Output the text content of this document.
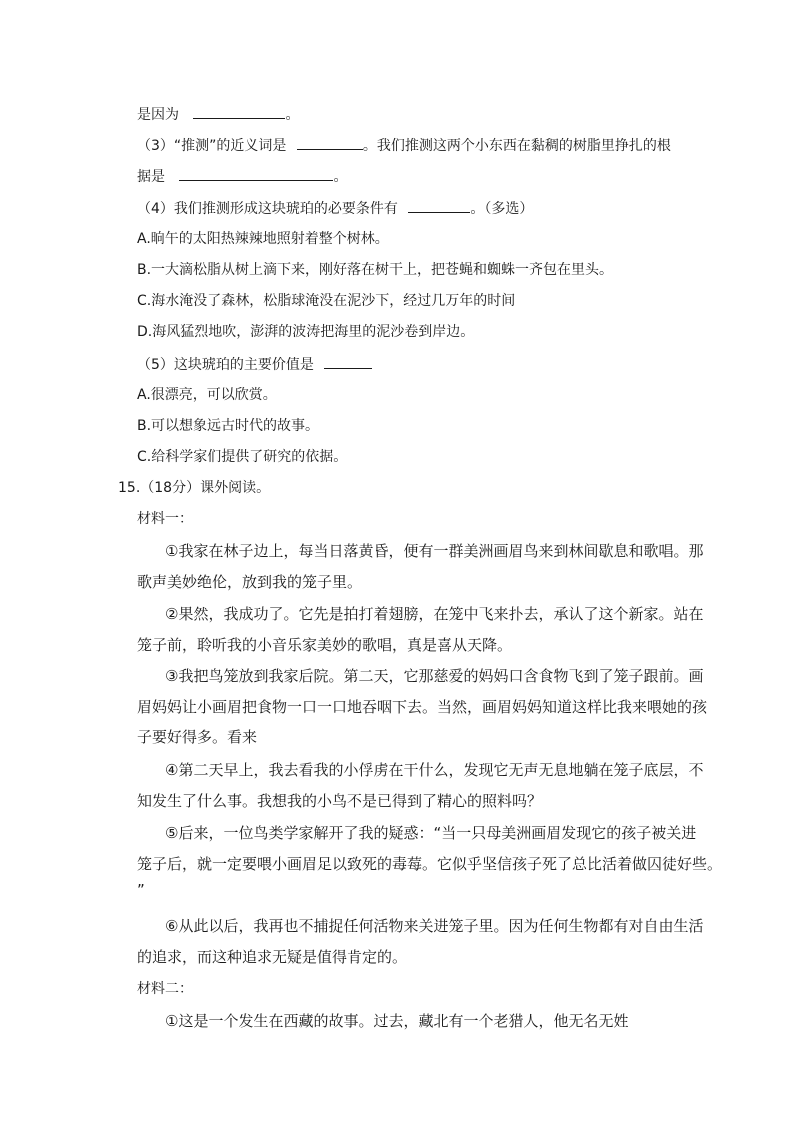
是因为	。
（3）“推测”的近义词是	。我们推测这两个小东西在黏稠的树脂里挣扎的根
据是	。
（4）我们推测形成这块琥珀的必要条件有	。（多选）
A.晌午的太阳热辣辣地照射着整个树林。
B.一大滴松脂从树上滴下来，刚好落在树干上，把苍蝇和蜘蛛一齐包在里头。
C.海水淹没了森林，松脂球淹没在泥沙下，经过几万年的时间
D.海风猛烈地吹，澎湃的波涛把海里的泥沙卷到岸边。
（5）这块琥珀的主要价值是
A.很漂亮，可以欣赏。
B.可以想象远古时代的故事。
C.给科学家们提供了研究的依据。
15.（18分）课外阅读。
材料一：
①我家在林子边上，每当日落黄昏，便有一群美洲画眉鸟来到林间歇息和歌唱。那
歌声美妙绝伦，放到我的笼子里。
②果然，我成功了。它先是拍打着翅膀，在笼中飞来扑去，承认了这个新家。站在
笼子前，聆听我的小音乐家美妙的歌唱，真是喜从天降。
③我把鸟笼放到我家后院。第二天，它那慈爱的妈妈口含食物飞到了笼子跟前。画
眉妈妈让小画眉把食物一口一口地吞咽下去。当然，画眉妈妈知道这样比我来喂她的孩
子要好得多。看来
④第二天早上，我去看我的小俘虏在干什么，发现它无声无息地躺在笼子底层，不
知发生了什么事。我想我的小鸟不是已得到了精心的照料吗？
⑤后来，一位鸟类学家解开了我的疑惑：“当一只母美洲画眉发现它的孩子被关进
笼子后，就一定要喂小画眉足以致死的毒莓。它似乎坚信孩子死了总比活着做囚徒好些。
”
⑥从此以后，我再也不捕捉任何活物来关进笼子里。因为任何生物都有对自由生活
的追求，而这种追求无疑是值得肯定的。
材料二：
①这是一个发生在西藏的故事。过去，藏北有一个老猎人，他无名无姓
